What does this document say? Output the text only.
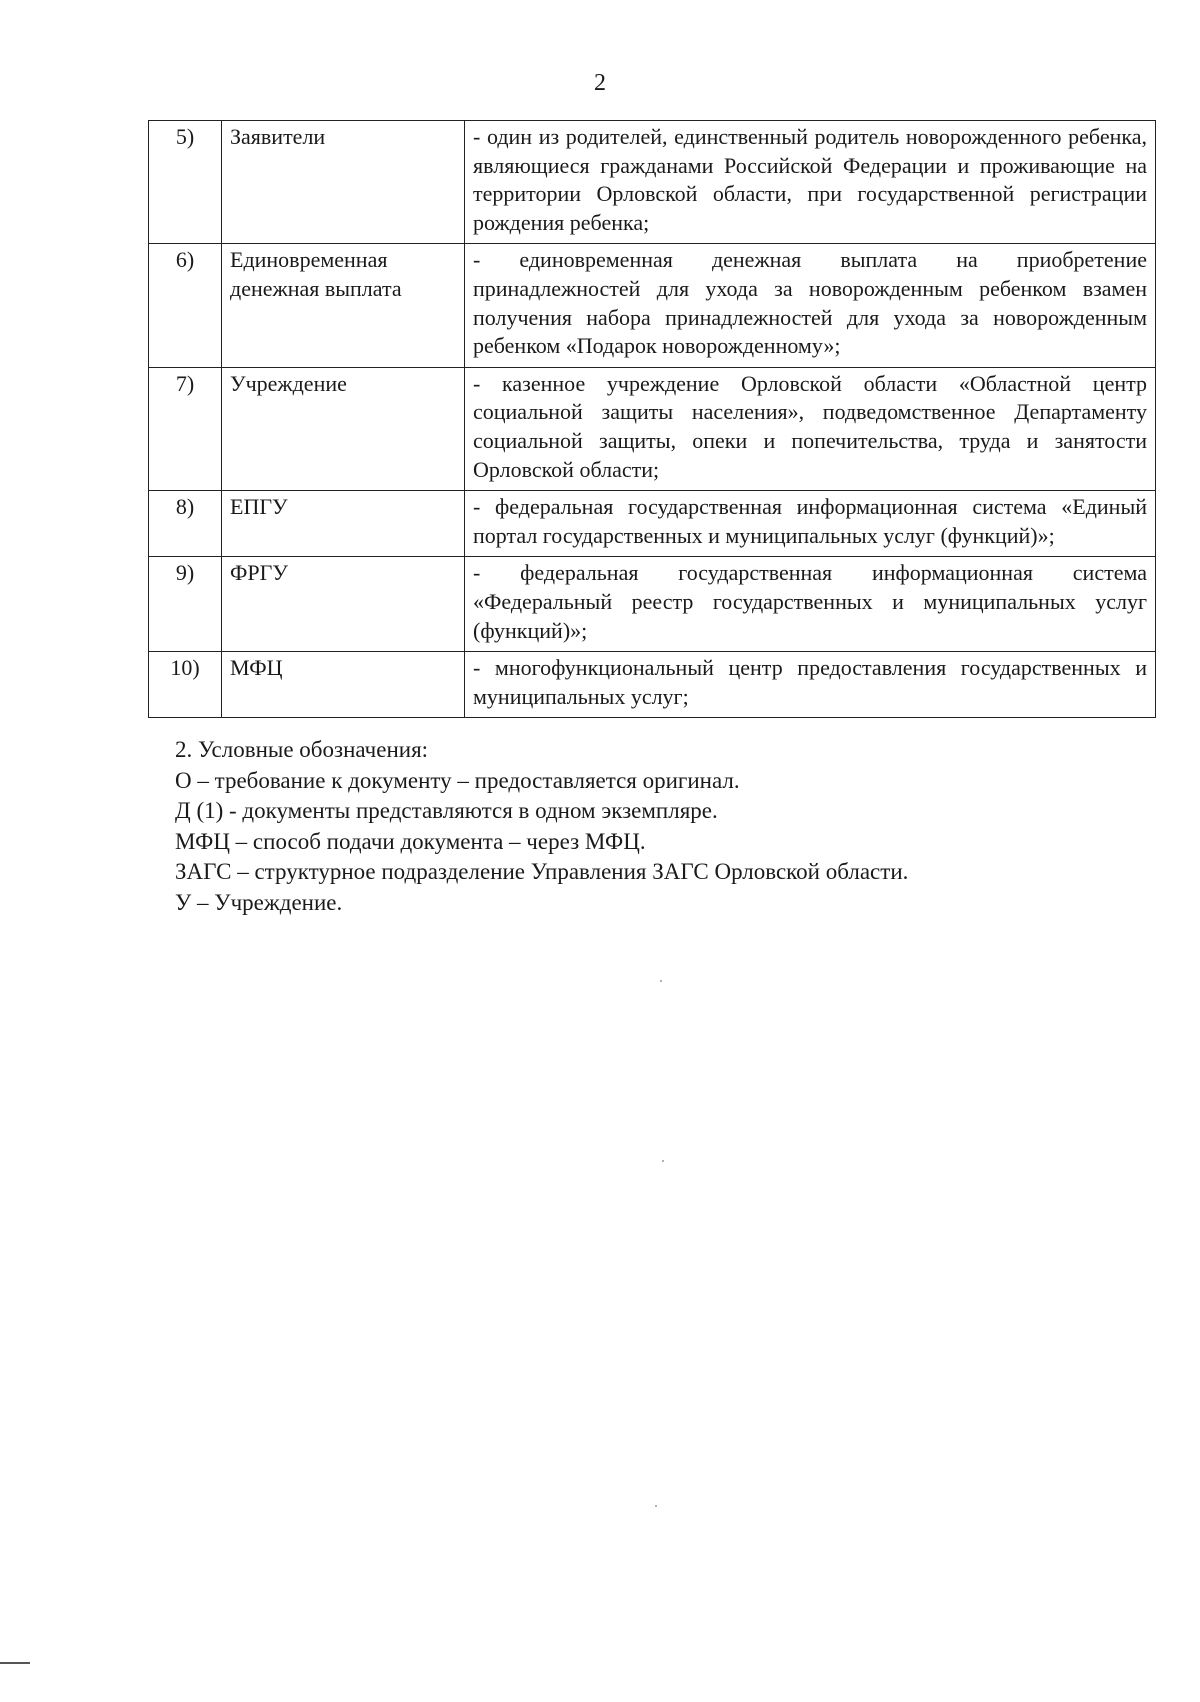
2
5)	Заявители	- один из родителей, единственный родитель новорожденного ребенка, являющиеся гражданами Российской Федерации и проживающие на территории Орловской области, при государственной регистрации рождения ребенка;
6)	Единовременная денежная выплата	- единовременная денежная выплата на приобретение принадлежностей для ухода за новорожденным ребенком взамен получения набора принадлежностей для ухода за новорожденным ребенком «Подарок новорожденному»;
7)	Учреждение	- казенное учреждение Орловской области «Областной центр социальной защиты населения», подведомственное Департаменту социальной защиты, опеки и попечительства, труда и занятости Орловской области;
8)	ЕПГУ	- федеральная государственная информационная система «Единый портал государственных и муниципальных услуг (функций)»;
9)	ФРГУ	- федеральная государственная информационная система «Федеральный реестр государственных и муниципальных услуг (функций)»;
10)	МФЦ	- многофункциональный центр предоставления государственных и муниципальных услуг;

2. Условные обозначения:

О – требование к документу – предоставляется оригинал.

Д (1) - документы представляются в одном экземпляре.

МФЦ – способ подачи документа – через МФЦ.

ЗАГС – структурное подразделение Управления ЗАГС Орловской области.

У – Учреждение.
